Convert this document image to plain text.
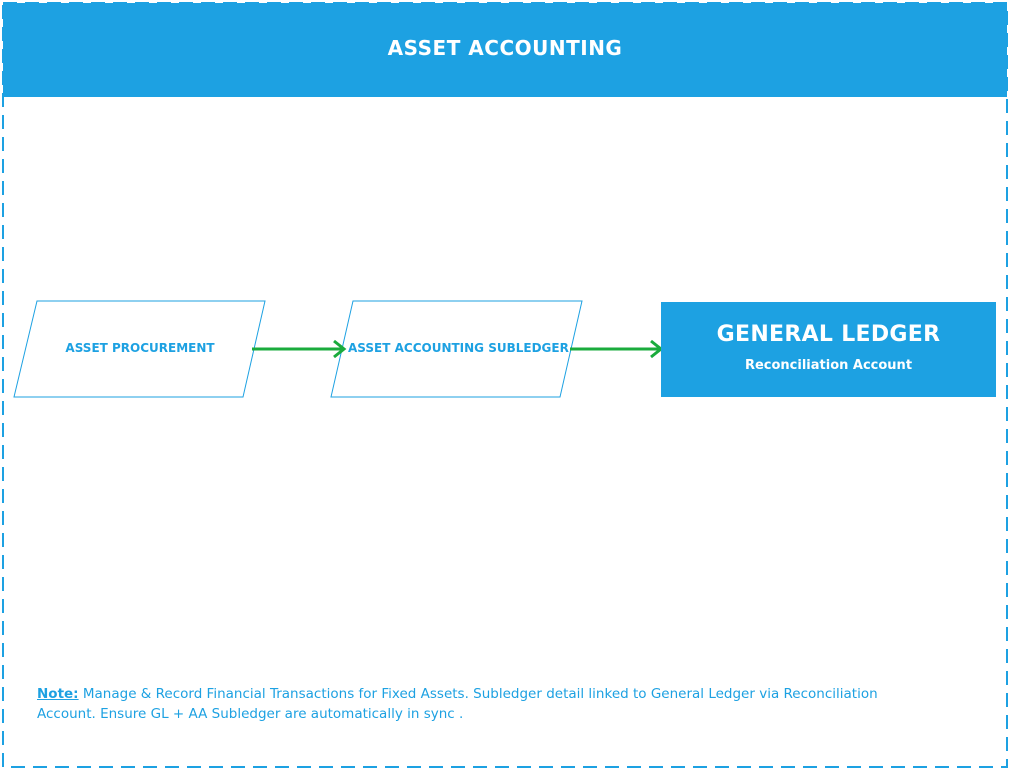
ASSET ACCOUNTING
ASSET PROCUREMENT	ASSET ACCOUNTING SUBLEDGER
GENERAL LEDGER
Reconciliation Account
Note: Manage & Record Financial Transactions for Fixed Assets. Subledger detail linked to General Ledger via Reconciliation Account. Ensure GL + AA Subledger are automatically in sync .
